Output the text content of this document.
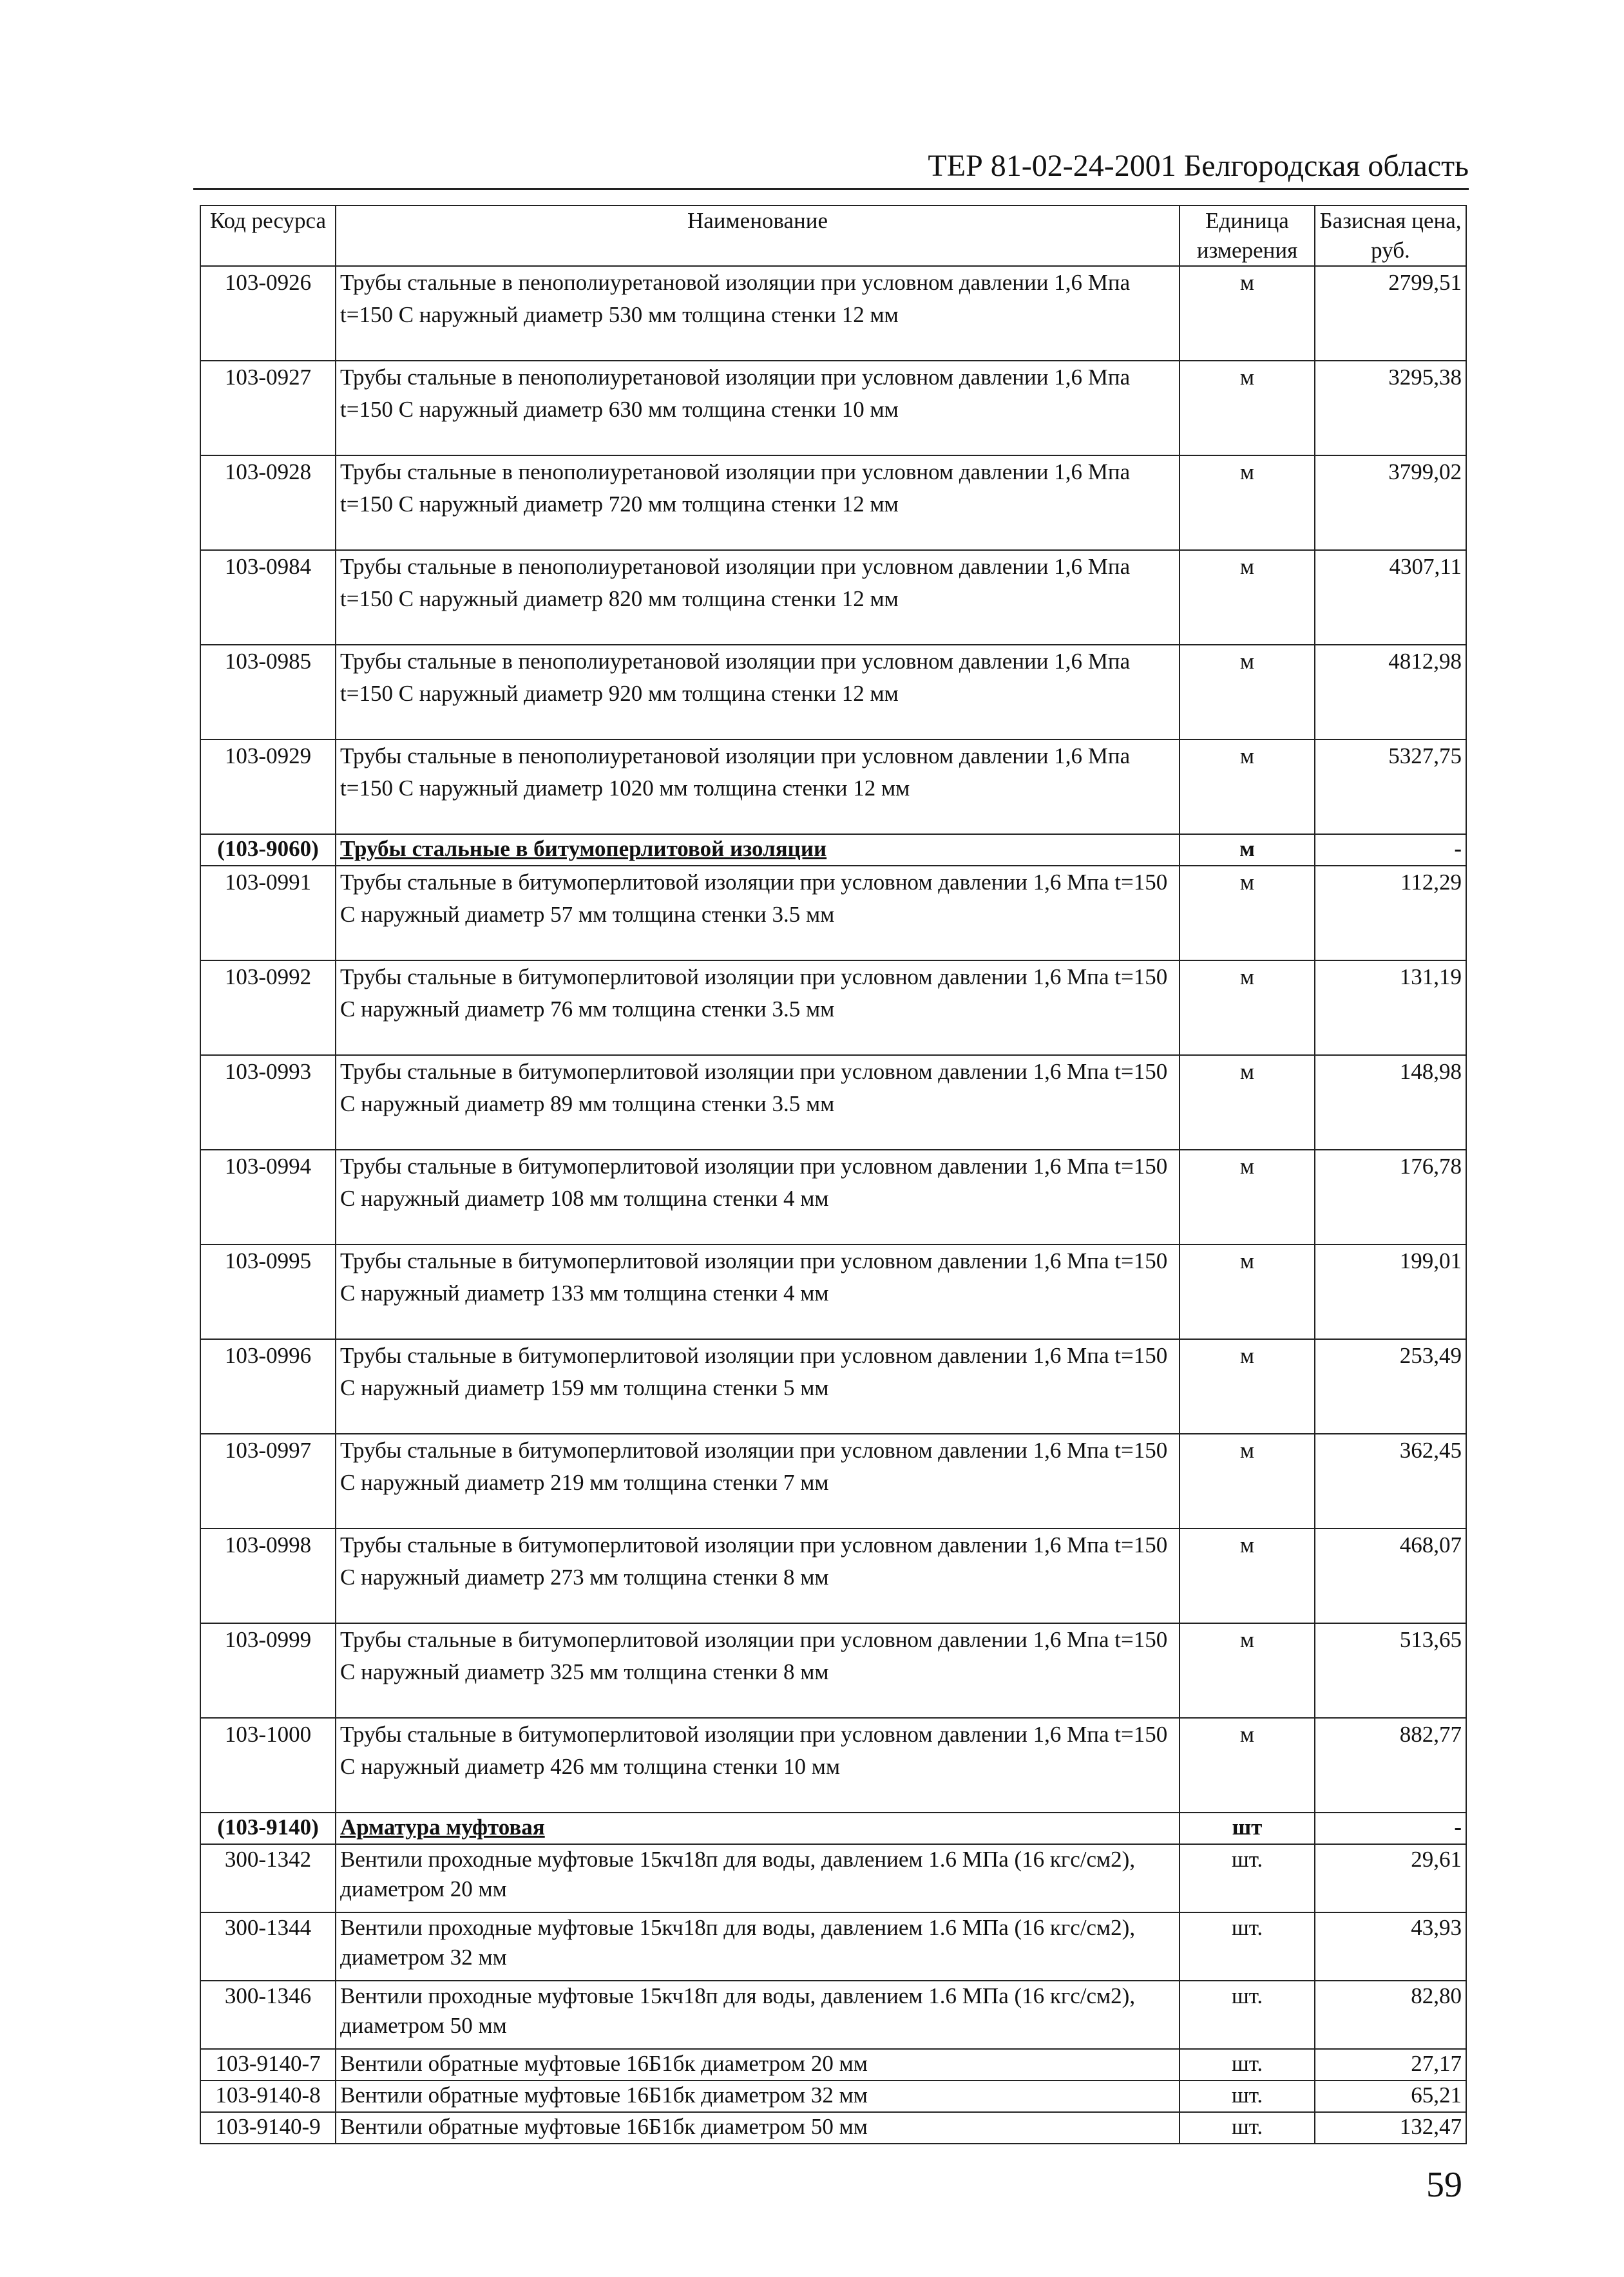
ТЕР 81-02-24-2001 Белгородская область
Код ресурса	Наименование	Единица измерения	Базисная цена, руб.
103-0926	Трубы стальные в пенополиуретановой изоляции при условном давлении 1,6 Мпа t=150 С наружный диаметр 530 мм толщина стенки 12 мм	м	2799,51
103-0927	Трубы стальные в пенополиуретановой изоляции при условном давлении 1,6 Мпа t=150 С наружный диаметр 630 мм толщина стенки 10 мм	м	3295,38
103-0928	Трубы стальные в пенополиуретановой изоляции при условном давлении 1,6 Мпа t=150 С наружный диаметр 720 мм толщина стенки 12 мм	м	3799,02
103-0984	Трубы стальные в пенополиуретановой изоляции при условном давлении 1,6 Мпа t=150 С наружный диаметр 820 мм толщина стенки 12 мм	м	4307,11
103-0985	Трубы стальные в пенополиуретановой изоляции при условном давлении 1,6 Мпа t=150 С наружный диаметр 920 мм толщина стенки 12 мм	м	4812,98
103-0929	Трубы стальные в пенополиуретановой изоляции при условном давлении 1,6 Мпа t=150 С наружный диаметр 1020 мм толщина стенки 12 мм	м	5327,75
(103-9060)	Трубы стальные в битумоперлитовой изоляции	м	-
103-0991	Трубы стальные в битумоперлитовой изоляции при условном давлении 1,6 Мпа t=150 С наружный диаметр 57 мм толщина стенки 3.5 мм	м	112,29
103-0992	Трубы стальные в битумоперлитовой изоляции при условном давлении 1,6 Мпа t=150 С наружный диаметр 76 мм толщина стенки 3.5 мм	м	131,19
103-0993	Трубы стальные в битумоперлитовой изоляции при условном давлении 1,6 Мпа t=150 С наружный диаметр 89 мм толщина стенки 3.5 мм	м	148,98
103-0994	Трубы стальные в битумоперлитовой изоляции при условном давлении 1,6 Мпа t=150 С наружный диаметр 108 мм толщина стенки 4 мм	м	176,78
103-0995	Трубы стальные в битумоперлитовой изоляции при условном давлении 1,6 Мпа t=150 С наружный диаметр 133 мм толщина стенки 4 мм	м	199,01
103-0996	Трубы стальные в битумоперлитовой изоляции при условном давлении 1,6 Мпа t=150 С наружный диаметр 159 мм толщина стенки 5 мм	м	253,49
103-0997	Трубы стальные в битумоперлитовой изоляции при условном давлении 1,6 Мпа t=150 С наружный диаметр 219 мм толщина стенки 7 мм	м	362,45
103-0998	Трубы стальные в битумоперлитовой изоляции при условном давлении 1,6 Мпа t=150 С наружный диаметр 273 мм толщина стенки 8 мм	м	468,07
103-0999	Трубы стальные в битумоперлитовой изоляции при условном давлении 1,6 Мпа t=150 С наружный диаметр 325 мм толщина стенки 8 мм	м	513,65
103-1000	Трубы стальные в битумоперлитовой изоляции при условном давлении 1,6 Мпа t=150 С наружный диаметр 426 мм толщина стенки 10 мм	м	882,77
(103-9140)	Арматура муфтовая	шт	-
300-1342	Вентили проходные муфтовые 15кч18п для воды, давлением 1.6 МПа (16 кгс/см2), диаметром 20 мм	шт.	29,61
300-1344	Вентили проходные муфтовые 15кч18п для воды, давлением 1.6 МПа (16 кгс/см2), диаметром 32 мм	шт.	43,93
300-1346	Вентили проходные муфтовые 15кч18п для воды, давлением 1.6 МПа (16 кгс/см2), диаметром 50 мм	шт.	82,80
103-9140-7	Вентили обратные муфтовые 16Б1бк диаметром 20 мм	шт.	27,17
103-9140-8	Вентили обратные муфтовые 16Б1бк диаметром 32 мм	шт.	65,21
103-9140-9	Вентили обратные муфтовые 16Б1бк диаметром 50 мм	шт.	132,47
59
